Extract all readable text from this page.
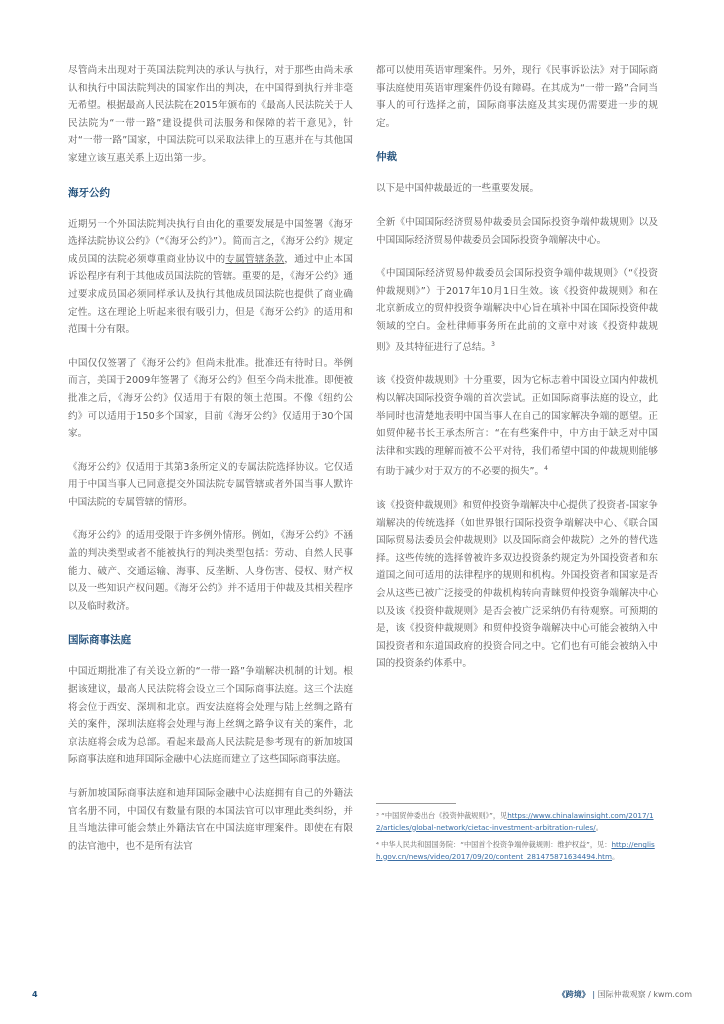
尽管尚未出现对于英国法院判决的承认与执行，对于那些由尚未承认和执行中国法院判决的国家作出的判决，在中国得到执行并非毫无希望。根据最高人民法院在2015年颁布的《最高人民法院关于人民法院为“一带一路”建设提供司法服务和保障的若干意见》，针对“一带一路”国家，中国法院可以采取法律上的互惠并在与其他国家建立该互惠关系上迈出第一步。

海牙公约

近期另一个外国法院判决执行自由化的重要发展是中国签署《海牙选择法院协议公约》（“《海牙公约》”）。简而言之，《海牙公约》规定成员国的法院必须尊重商业协议中的专属管辖条款，通过中止本国诉讼程序有利于其他成员国法院的管辖。重要的是，《海牙公约》通过要求成员国必须同样承认及执行其他成员国法院也提供了商业确定性。这在理论上听起来很有吸引力，但是《海牙公约》的适用和范围十分有限。

中国仅仅签署了《海牙公约》但尚未批准。批准还有待时日。举例而言，美国于2009年签署了《海牙公约》但至今尚未批准。即便被批准之后，《海牙公约》仅适用于有限的领土范围。不像《纽约公约》可以适用于150多个国家，目前《海牙公约》仅适用于30个国家。

《海牙公约》仅适用于其第3条所定义的专属法院选择协议。它仅适用于中国当事人已同意提交外国法院专属管辖或者外国当事人默许中国法院的专属管辖的情形。

《海牙公约》的适用受限于许多例外情形。例如，《海牙公约》不涵盖的判决类型或者不能被执行的判决类型包括：劳动、自然人民事能力、破产、交通运输、海事、反垄断、人身伤害、侵权、财产权以及一些知识产权问题。《海牙公约》并不适用于仲裁及其相关程序以及临时救济。

国际商事法庭

中国近期批准了有关设立新的“一带一路”争端解决机制的计划。根据该建议，最高人民法院将会设立三个国际商事法庭。这三个法庭将会位于西安、深圳和北京。西安法庭将会处理与陆上丝绸之路有关的案件，深圳法庭将会处理与海上丝绸之路争议有关的案件，北京法庭将会成为总部。看起来最高人民法院是参考现有的新加坡国际商事法庭和迪拜国际金融中心法庭而建立了这些国际商事法庭。

与新加坡国际商事法庭和迪拜国际金融中心法庭拥有自己的外籍法官名册不同，中国仅有数量有限的本国法官可以审理此类纠纷，并且当地法律可能会禁止外籍法官在中国法庭审理案件。即使在有限的法官池中，也不是所有法官

都可以使用英语审理案件。另外，现行《民事诉讼法》对于国际商事法庭使用英语审理案件仍设有障碍。在其成为“一带一路”合同当事人的可行选择之前，国际商事法庭及其实现仍需要进一步的规定。

仲裁

以下是中国仲裁最近的一些重要发展。

全新《中国国际经济贸易仲裁委员会国际投资争端仲裁规则》以及中国国际经济贸易仲裁委员会国际投资争端解决中心。

《中国国际经济贸易仲裁委员会国际投资争端仲裁规则》（“《投资仲裁规则》”）于2017年10月1日生效。该《投资仲裁规则》和在北京新成立的贸仲投资争端解决中心旨在填补中国在国际投资仲裁领域的空白。金杜律师事务所在此前的文章中对该《投资仲裁规则》及其特征进行了总结。$^3$

该《投资仲裁规则》十分重要，因为它标志着中国设立国内仲裁机构以解决国际投资争端的首次尝试。正如国际商事法庭的设立，此举同时也清楚地表明中国当事人在自己的国家解决争端的愿望。正如贸仲秘书长王承杰所言：“在有些案件中，中方由于缺乏对中国法律和实践的理解而被不公平对待，我们希望中国的仲裁规则能够有助于减少对于双方的不必要的损失”。$^4$

该《投资仲裁规则》和贸仲投资争端解决中心提供了投资者-国家争端解决的传统选择（如世界银行国际投资争端解决中心、《联合国国际贸易法委员会仲裁规则》以及国际商会仲裁院）之外的替代选择。这些传统的选择曾被许多双边投资条约规定为外国投资者和东道国之间可适用的法律程序的规则和机构。外国投资者和国家是否会从这些已被广泛接受的仲裁机构转向青睐贸仲投资争端解决中心以及该《投资仲裁规则》是否会被广泛采纳仍有待观察。可预期的是，该《投资仲裁规则》和贸仲投资争端解决中心可能会被纳入中国投资者和东道国政府的投资合同之中。它们也有可能会被纳入中国的投资条约体系中。

³ “中国贸仲委出台《投资仲裁规则》”，见https://www.chinalawinsight.com/2017/12/articles/global-network/cietac-investment-arbitration-rules/。
⁴ 中华人民共和国国务院：“中国首个投资争端仲裁规则：维护权益”，见：http://english.gov.cn/news/video/2017/09/20/content_281475871634494.htm。
4	《跨境》 | 国际仲裁观察 / kwm.com
